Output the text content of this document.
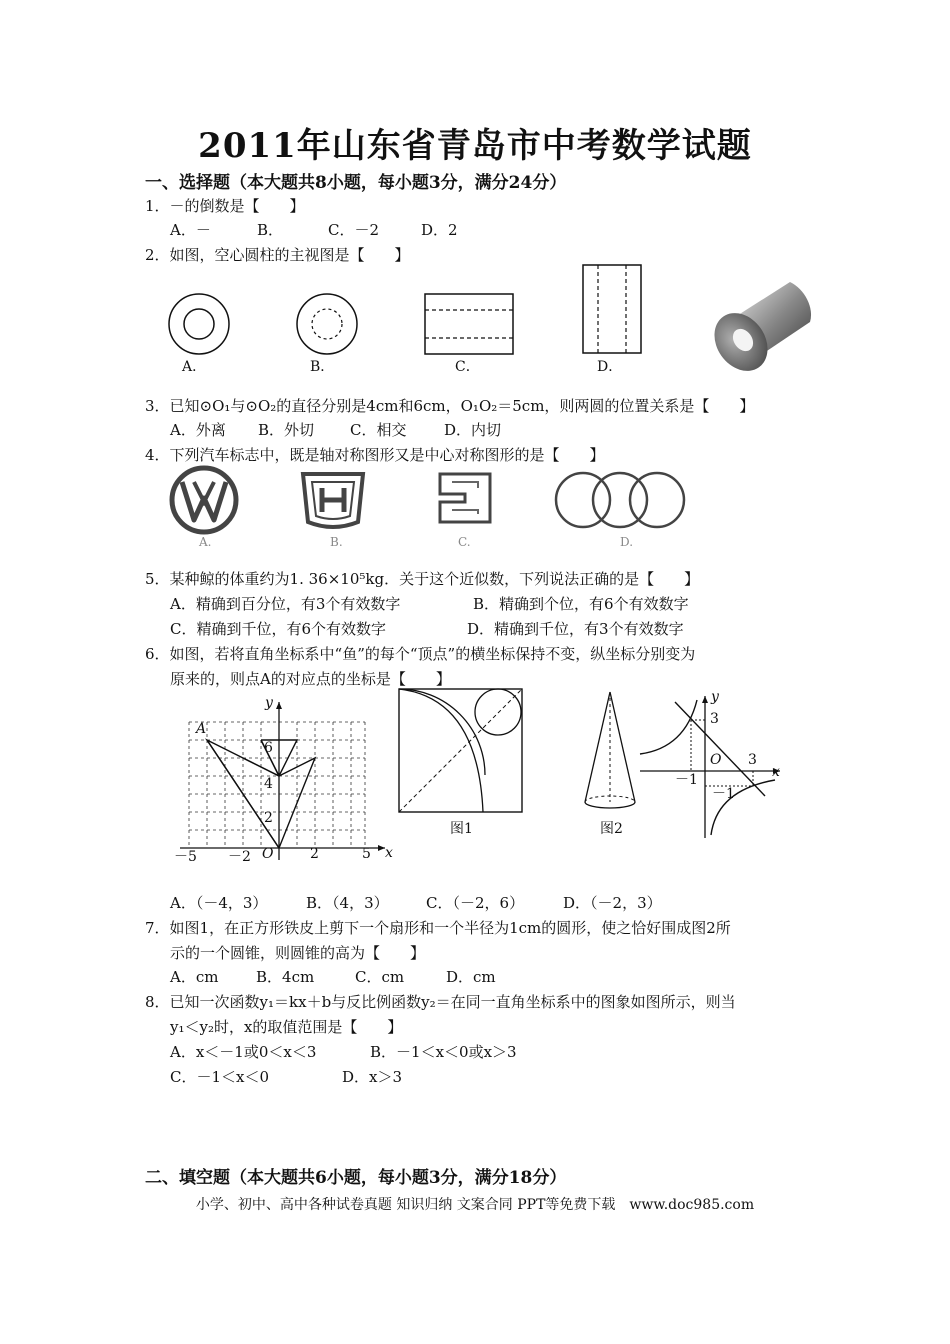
2011年山东省青岛市中考数学试题
一、选择题（本大题共8小题，每小题3分，满分24分）
1．－的倒数是【　　】
A．－	B．	C．－2	D．2
2．如图，空心圆柱的主视图是【　　】
A．	B．	C．	D．
3．已知⊙O₁与⊙O₂的直径分别是4cm和6cm，O₁O₂＝5cm，则两圆的位置关系是【　　】
A．外离 B．外切 C．相交	D．内切
4．下列汽车标志中，既是轴对称图形又是中心对称图形的是【　　】
A.	B.	C.	D.
5．某种鲸的体重约为1. 36×10⁵kg．关于这个近似数，下列说法正确的是【　　】
A．精确到百分位，有3个有效数字	B．精确到个位，有6个有效数字
C．精确到千位，有6个有效数字	D．精确到千位，有3个有效数字
6．如图，若将直角坐标系中“鱼”的每个“顶点”的横坐标保持不变，纵坐标分别变为
原来的，则点A的对应点的坐标是【　　】
y
x
A
6
4
2
O
－5 －2	2	5
图1	图2
y
x
O
3
－1
3
－1
A．（－4，3）	B．（4，3） C．（－2，6）	D．（－2，3）
7．如图1，在正方形铁皮上剪下一个扇形和一个半径为1cm的圆形，使之恰好围成图2所
示的一个圆锥，则圆锥的高为【　　】
A．cm	B．4cm	C．cm	D．cm
8．已知一次函数y₁＝kx＋b与反比例函数y₂＝在同一直角坐标系中的图象如图所示，则当
y₁＜y₂时，x的取值范围是【　　】
A．x＜－1或0＜x＜3	B．－1＜x＜0或x＞3
C．－1＜x＜0	D．x＞3
二、填空题（本大题共6小题，每小题3分，满分18分）
小学、初中、高中各种试卷真题 知识归纳 文案合同 PPT等免费下载　www.doc985.com
